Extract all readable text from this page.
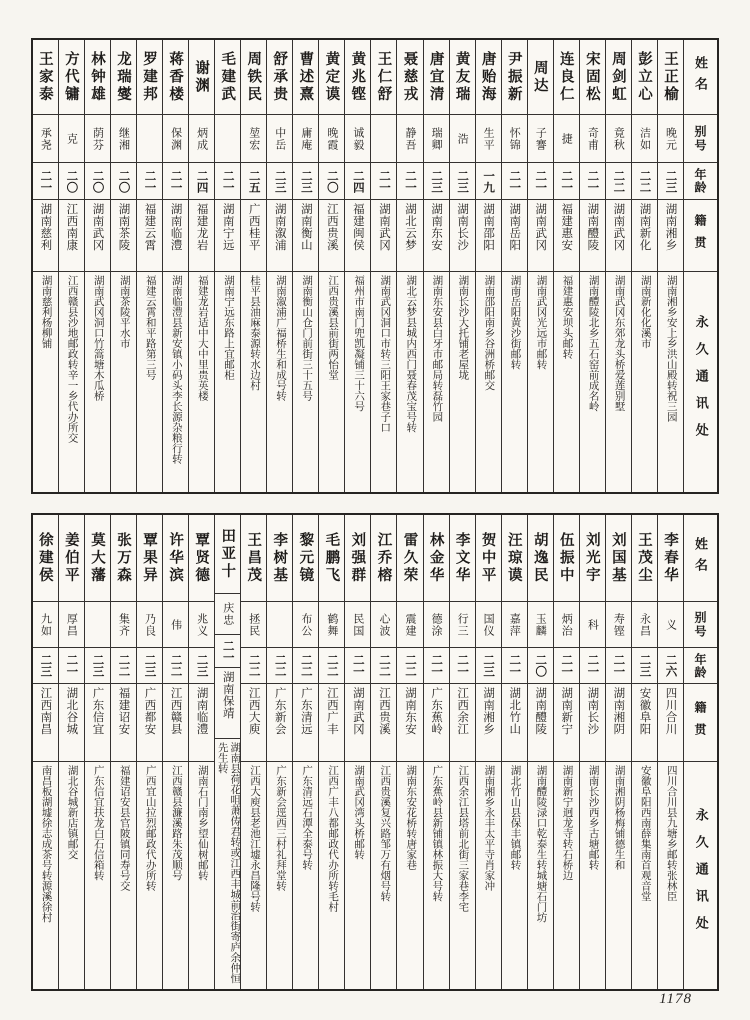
姓名
别号
年龄
籍贯
永久通讯处
王正榆
晚元
二三
湖南湘乡
湖南湘乡安上乡洪山殿转祝三园
彭立心
洁如
二二
湖南新化
湖南新化化溪市
周剑虹
竟秋
二二
湖南武冈
湖南武冈东郊龙头桥爱莲别墅
宋固松
奇甫
二一
湖南醴陵
湖南醴陵北乡五石窑前成名岭
连良仁
捷
二一
福建惠安
福建惠安坝头邮转
周达
子謇
二一
湖南武冈
湖南武冈光远市邮转
尹振新
怀锦
二一
湖南岳阳
湖南岳阳黄沙街邮转
唐贻海
生平
一九
湖南邵阳
湖南邵阳南乡谷洲桥邮交
黄友瑞
浩
二三
湖南长沙
湖南长沙大托铺老屋垅
唐宜清
瑞卿
二三
湖南东安
湖南东安县白牙市邮局转磊竹园
聂慈戎
静吾
二一
湖北云梦
湖北云梦县城内西门聂春茂宝号转
王仁舒
二一
湖南武冈
湖南武冈洞口市转三阳王家巷子口
黄兆铿
诚毅
二四
福建闽侯
福州市南门兜凯凝铺三十六号
黄定谟
晚霞
二〇
江西贵溪
江西贵溪县前街两怡堂
曹述熹
庸庵
二三
湖南衡山
湖南衡山仓门前街三十五号
舒承贵
中岳
二三
湖南溆浦
湖南溆浦广福桥生和成号转
周铁民
堃宏
二五
广西桂平
桂平县油麻泰源转水边村
毛建武
二一
湖南宁远
湖南宁远东路上宜邮柜
谢渊
炳成
二四
福建龙岩
福建龙岩适中大中里贵英楼
蒋香楼
保渊
二一
湖南临澧
湖南临澧县新安镇小码头李长源杂粮行转
罗建邦
二一
福建云霄
福建云霄和平路第三号
龙瑞燮
继湘
二〇
湖南茶陵
湖南茶陵平水市
林钟雄
荫芬
二〇
湖南武冈
湖南武冈洞口竹篙塘木瓜桥
方代镛
克
二〇
江西南康
江西赣县沙地邮政转辛一乡代办所交
王家泰
承尧
二一
湖南慈利
湖南慈利杨柳铺
姓名
别号
年龄
籍贯
永久通讯处
李春华
义
二六
四川合川
四川合川县九塘乡邮转张林臣
王茂尘
永昌
二三
安徽阜阳
安徽阜阳西南薛集南首观音堂
刘国基
寿铿
二一
湖南湘阴
湖南湘阴杨梅铺德生和
刘光宇
科
二一
湖南长沙
湖南长沙西乡古塘邮转
伍振中
炳治
二一
湖南新宁
湖南新宁迥龙寺转石桥边
胡逸民
玉麟
二〇
湖南醴陵
湖南醴陵渌口乾泰生转城塘石门坊
汪琼谟
嘉萍
二一
湖北竹山
湖北竹山县保丰镇邮转
贺中平
国仪
二三
湖南湘乡
湖南湘乡永丰太平寺肖家冲
李文华
行三
二一
江西余江
江西余江县塔前北街三家巷李宅
林金华
德涂
二一
广东蕉岭
广东蕉岭县新铺镇林振大号转
雷久荣
震建
二二
湖南东安
湖南东安花桥转唐家巷
江乔榕
心波
二二
江西贵溪
江西贵溪复兴路邹万有烟号转
刘强群
民国
二一
湖南武冈
湖南武冈湾头桥邮转
毛鹏飞
鹤舞
二二
江西广丰
江西广丰八都邮政代办所转毛村
黎元镜
布公
二二
广东清远
广东清远石潭全泰号转
李树基
二二
广东新会
广东新会逕西三村礼拜堂转
王昌茂
拯民
二二
江西大庾
江西大庾县老池江墟永昌隆号转
田亚十
庆忠
二一
湖南保靖
湖南县荷花咀萧俦君转或江西丰城前治街寄庐余仲恒先生转
覃贤德
兆义
二三
湖南临澧
湖南石门南乡望仙树邮转
许华滨
伟
二二
江西赣县
江西赣县濂溪路朱茂顺号
覃果异
乃良
二三
广西都安
广西宜山拉烈邮政代办所转
张万森
集齐
二二
福建诏安
福建诏安县官陂镇同寿号交
莫大藩
二三
广东信宜
广东信宜扶龙白石信箱转
姜伯平
厚昌
二一
湖北谷城
湖北谷城新店镇邮交
徐建侯
九如
二三
江西南昌
南昌板湖墟徐志成茶号转源溪徐村
1178
